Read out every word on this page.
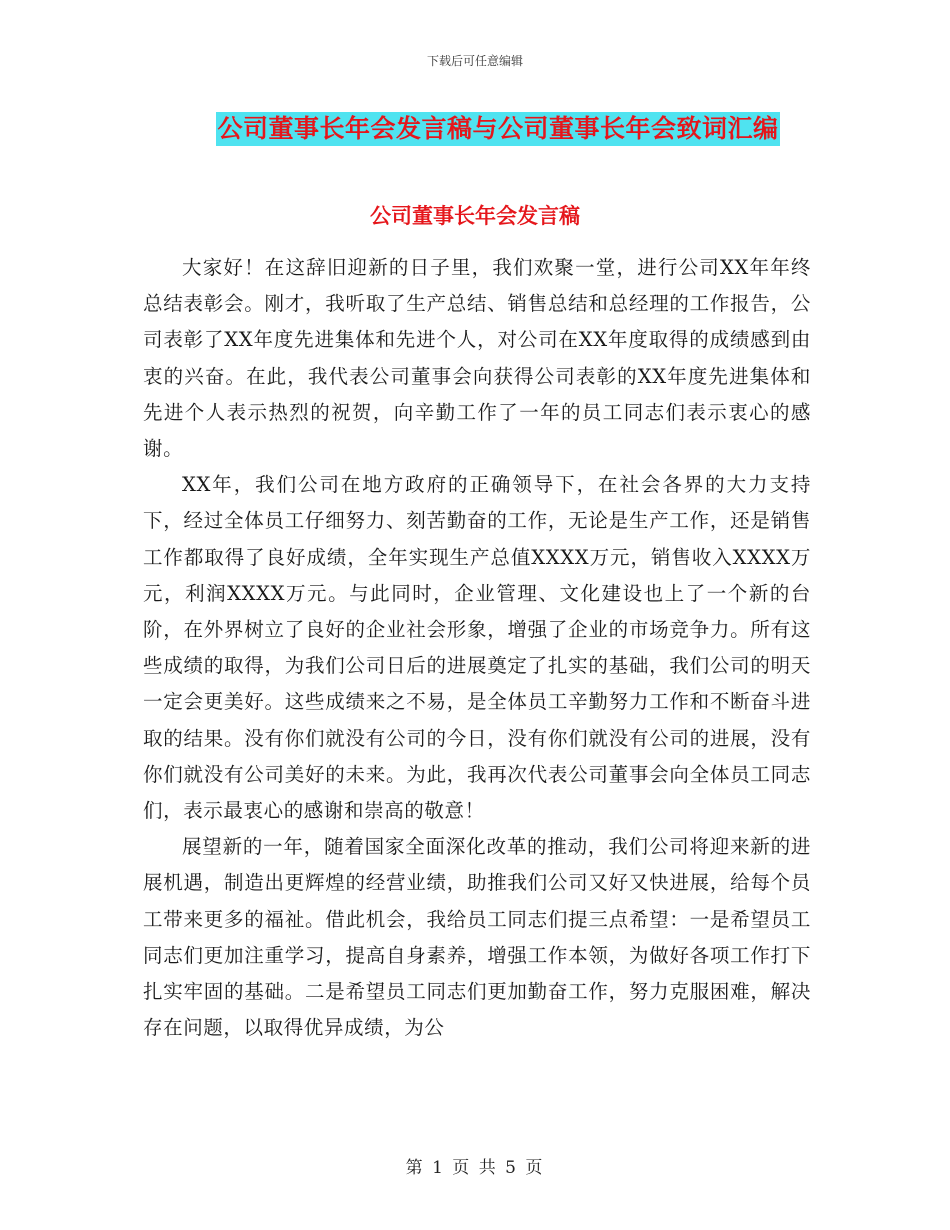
下载后可任意编辑
公司董事长年会发言稿与公司董事长年会致词汇编
公司董事长年会发言稿

大家好！在这辞旧迎新的日子里，我们欢聚一堂，进行公司XX年年终总结表彰会。刚才，我听取了生产总结、销售总结和总经理的工作报告，公司表彰了XX年度先进集体和先进个人，对公司在XX年度取得的成绩感到由衷的兴奋。在此，我代表公司董事会向获得公司表彰的XX年度先进集体和先进个人表示热烈的祝贺，向辛勤工作了一年的员工同志们表示衷心的感谢。

XX年，我们公司在地方政府的正确领导下，在社会各界的大力支持下，经过全体员工仔细努力、刻苦勤奋的工作，无论是生产工作，还是销售工作都取得了良好成绩，全年实现生产总值XXXX万元，销售收入XXXX万元，利润XXXX万元。与此同时，企业管理、文化建设也上了一个新的台阶，在外界树立了良好的企业社会形象，增强了企业的市场竞争力。所有这些成绩的取得，为我们公司日后的进展奠定了扎实的基础，我们公司的明天一定会更美好。这些成绩来之不易，是全体员工辛勤努力工作和不断奋斗进取的结果。没有你们就没有公司的今日，没有你们就没有公司的进展，没有你们就没有公司美好的未来。为此，我再次代表公司董事会向全体员工同志们，表示最衷心的感谢和崇高的敬意！

展望新的一年，随着国家全面深化改革的推动，我们公司将迎来新的进展机遇，制造出更辉煌的经营业绩，助推我们公司又好又快进展，给每个员工带来更多的福祉。借此机会，我给员工同志们提三点希望：一是希望员工同志们更加注重学习，提高自身素养，增强工作本领，为做好各项工作打下扎实牢固的基础。二是希望员工同志们更加勤奋工作，努力克服困难，解决存在问题，以取得优异成绩，为公

第 1 页 共 5 页
